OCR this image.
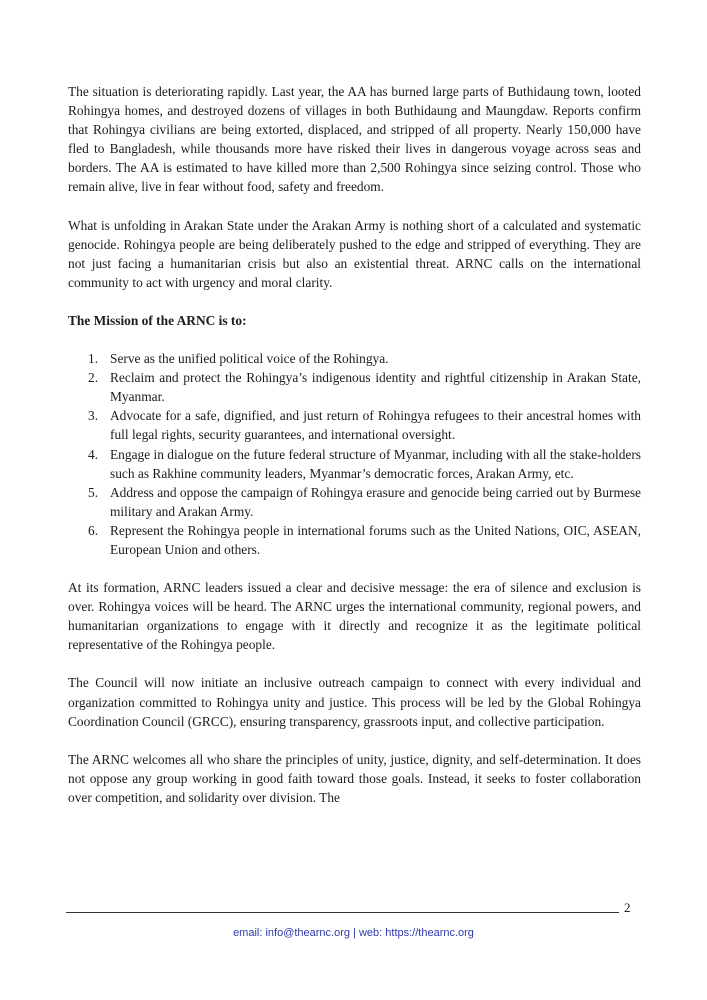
The situation is deteriorating rapidly. Last year, the AA has burned large parts of Buthidaung town, looted Rohingya homes, and destroyed dozens of villages in both Buthidaung and Maungdaw. Reports confirm that Rohingya civilians are being extorted, displaced, and stripped of all property. Nearly 150,000 have fled to Bangladesh, while thousands more have risked their lives in dangerous voyage across seas and borders. The AA is estimated to have killed more than 2,500 Rohingya since seizing control. Those who remain alive, live in fear without food, safety and freedom.

What is unfolding in Arakan State under the Arakan Army is nothing short of a calculated and systematic genocide. Rohingya people are being deliberately pushed to the edge and stripped of everything. They are not just facing a humanitarian crisis but also an existential threat. ARNC calls on the international community to act with urgency and moral clarity.

The Mission of the ARNC is to:

1. Serve as the unified political voice of the Rohingya.
2. Reclaim and protect the Rohingya’s indigenous identity and rightful citizenship in Arakan State, Myanmar.
3. Advocate for a safe, dignified, and just return of Rohingya refugees to their ancestral homes with full legal rights, security guarantees, and international oversight.
4. Engage in dialogue on the future federal structure of Myanmar, including with all the stake-holders such as Rakhine community leaders, Myanmar’s democratic forces, Arakan Army, etc.
5. Address and oppose the campaign of Rohingya erasure and genocide being carried out by Burmese military and Arakan Army.
6. Represent the Rohingya people in international forums such as the United Nations, OIC, ASEAN, European Union and others.

At its formation, ARNC leaders issued a clear and decisive message: the era of silence and exclusion is over. Rohingya voices will be heard. The ARNC urges the international community, regional powers, and humanitarian organizations to engage with it directly and recognize it as the legitimate political representative of the Rohingya people.

The Council will now initiate an inclusive outreach campaign to connect with every individual and organization committed to Rohingya unity and justice. This process will be led by the Global Rohingya Coordination Council (GRCC), ensuring transparency, grassroots input, and collective participation.

The ARNC welcomes all who share the principles of unity, justice, dignity, and self-determination. It does not oppose any group working in good faith toward those goals. Instead, it seeks to foster collaboration over competition, and solidarity over division. The

2
email: info@thearnc.org | web: https://thearnc.org
